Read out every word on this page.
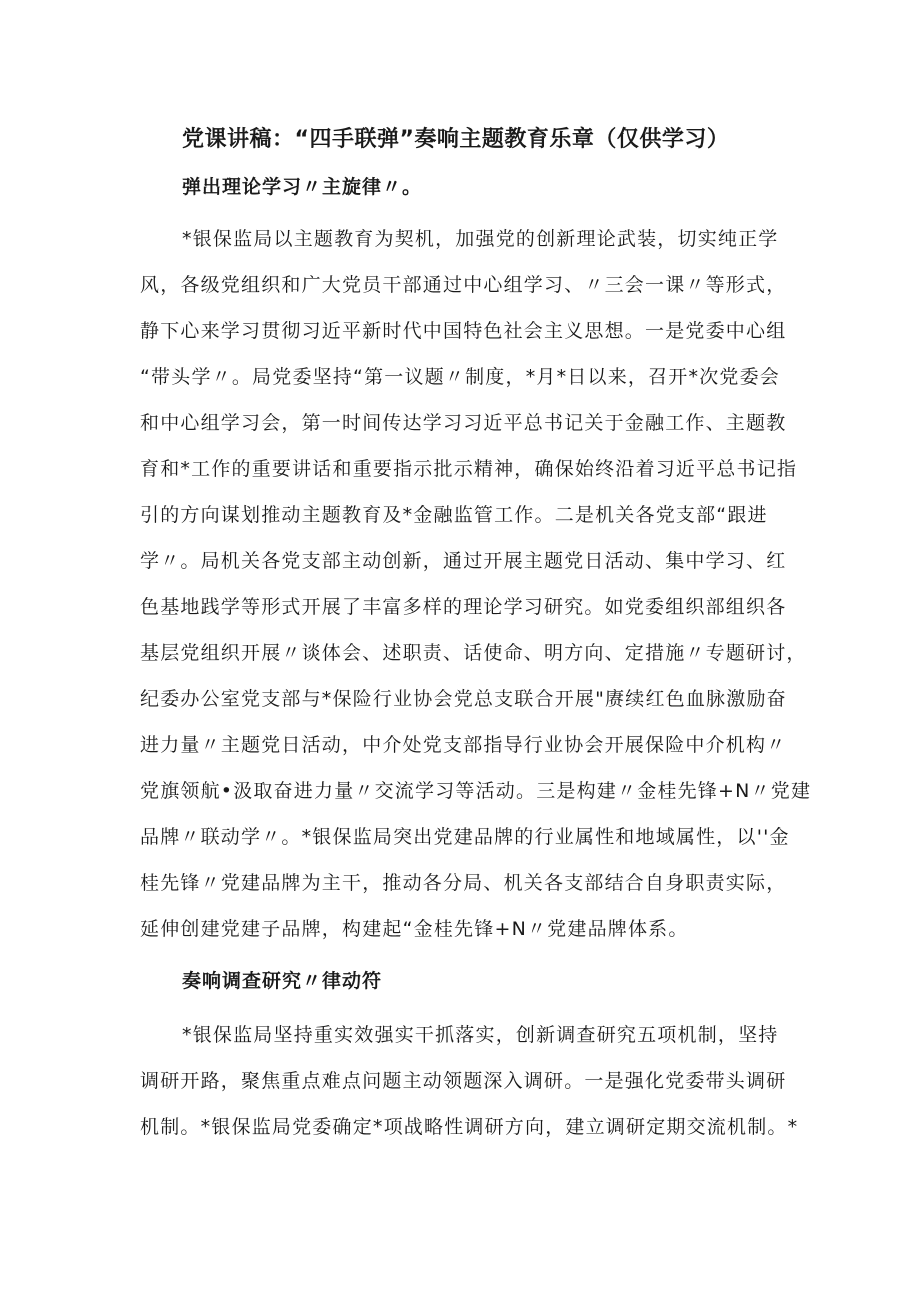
党课讲稿：“四手联弹”奏响主题教育乐章（仅供学习）
弹出理论学习〃主旋律〃。
*银保监局以主题教育为契机，加强党的创新理论武装，切实纯正学
风，各级党组织和广大党员干部通过中心组学习、〃三会一课〃等形式，
静下心来学习贯彻习近平新时代中国特色社会主义思想。一是党委中心组
“带头学〃。局党委坚持“第一议题〃制度，*月*日以来，召开*次党委会
和中心组学习会，第一时间传达学习习近平总书记关于金融工作、主题教
育和*工作的重要讲话和重要指示批示精神，确保始终沿着习近平总书记指
引的方向谋划推动主题教育及*金融监管工作。二是机关各党支部“跟进
学〃。局机关各党支部主动创新，通过开展主题党日活动、集中学习、红
色基地践学等形式开展了丰富多样的理论学习研究。如党委组织部组织各
基层党组织开展〃谈体会、述职责、话使命、明方向、定措施〃专题研讨，
纪委办公室党支部与*保险行业协会党总支联合开展"赓续红色血脉激励奋
进力量〃主题党日活动，中介处党支部指导行业协会开展保险中介机构〃
党旗领航•汲取奋进力量〃交流学习等活动。三是构建〃金桂先锋+N〃党建
品牌〃联动学〃。*银保监局突出党建品牌的行业属性和地域属性，以''金
桂先锋〃党建品牌为主干，推动各分局、机关各支部结合自身职责实际，
延伸创建党建子品牌，构建起“金桂先锋+N〃党建品牌体系。
奏响调查研究〃律动符
*银保监局坚持重实效强实干抓落实，创新调查研究五项机制，坚持
调研开路，聚焦重点难点问题主动领题深入调研。一是强化党委带头调研
机制。*银保监局党委确定*项战略性调研方向，建立调研定期交流机制。*
